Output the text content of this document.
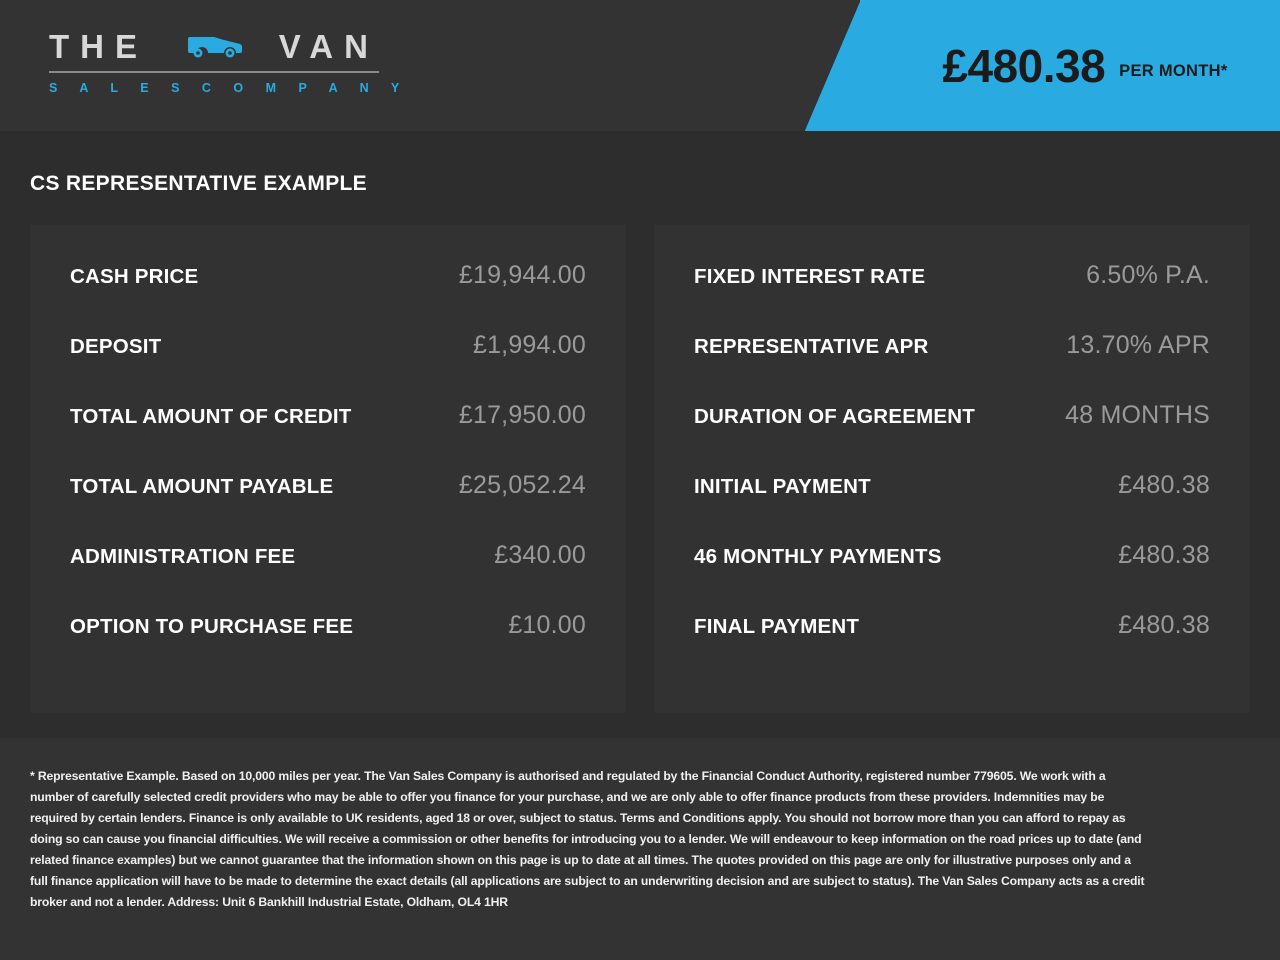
THE	VAN
S A L E S C O M P A N Y	£480.38 PER MONTH*
CS REPRESENTATIVE EXAMPLE
CASH PRICE	£19,944.00
DEPOSIT	£1,994.00
TOTAL AMOUNT OF CREDIT	£17,950.00
TOTAL AMOUNT PAYABLE	£25,052.24
ADMINISTRATION FEE	£340.00
OPTION TO PURCHASE FEE	£10.00
FIXED INTEREST RATE	6.50% P.A.
REPRESENTATIVE APR	13.70% APR
DURATION OF AGREEMENT	48 MONTHS
INITIAL PAYMENT	£480.38
46 MONTHLY PAYMENTS	£480.38
FINAL PAYMENT	£480.38

* Representative Example. Based on 10,000 miles per year. The Van Sales Company is authorised and regulated by the Financial Conduct Authority, registered number 779605. We work with a number of carefully selected credit providers who may be able to offer you finance for your purchase, and we are only able to offer finance products from these providers. Indemnities may be required by certain lenders. Finance is only available to UK residents, aged 18 or over, subject to status. Terms and Conditions apply. You should not borrow more than you can afford to repay as doing so can cause you financial difficulties. We will receive a commission or other benefits for introducing you to a lender. We will endeavour to keep information on the road prices up to date (and related finance examples) but we cannot guarantee that the information shown on this page is up to date at all times. The quotes provided on this page are only for illustrative purposes only and a full finance application will have to be made to determine the exact details (all applications are subject to an underwriting decision and are subject to status). The Van Sales Company acts as a credit broker and not a lender. Address: Unit 6 Bankhill Industrial Estate, Oldham, OL4 1HR
